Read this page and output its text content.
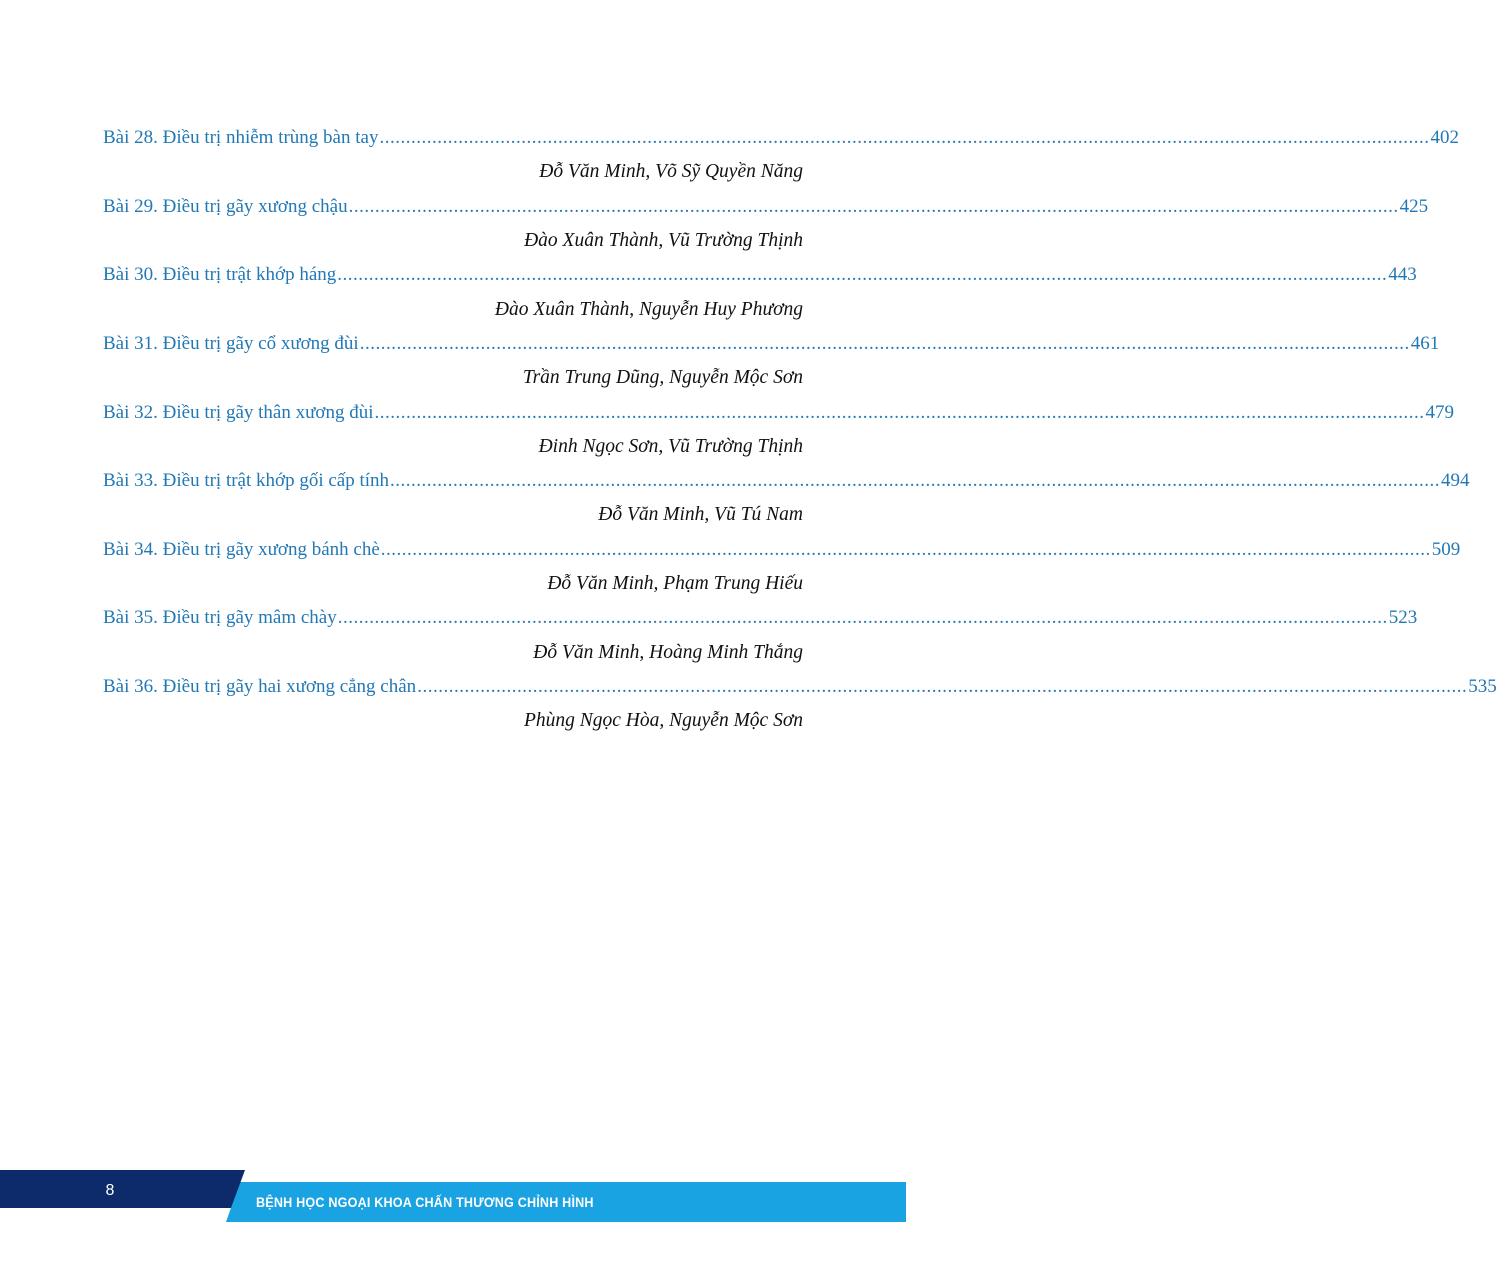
Bài 28. Điều trị nhiễm trùng bàn tay ........................................................................................................................................................................................................ 402
Đỗ Văn Minh, Võ Sỹ Quyền Năng
Bài 29. Điều trị gãy xương chậu ........................................................................................................................................................................................................ 425
Đào Xuân Thành, Vũ Trường Thịnh
Bài 30. Điều trị trật khớp háng ........................................................................................................................................................................................................ 443
Đào Xuân Thành, Nguyễn Huy Phương
Bài 31. Điều trị gãy cổ xương đùi ........................................................................................................................................................................................................ 461
Trần Trung Dũng, Nguyễn Mộc Sơn
Bài 32. Điều trị gãy thân xương đùi ........................................................................................................................................................................................................ 479
Đinh Ngọc Sơn, Vũ Trường Thịnh
Bài 33. Điều trị trật khớp gối cấp tính ........................................................................................................................................................................................................ 494
Đỗ Văn Minh, Vũ Tú Nam
Bài 34. Điều trị gãy xương bánh chè ........................................................................................................................................................................................................ 509
Đỗ Văn Minh, Phạm Trung Hiếu
Bài 35. Điều trị gãy mâm chày ........................................................................................................................................................................................................ 523
Đỗ Văn Minh, Hoàng Minh Thắng
Bài 36. Điều trị gãy hai xương cẳng chân ........................................................................................................................................................................................................ 535
Phùng Ngọc Hòa, Nguyễn Mộc Sơn
8
BỆNH HỌC NGOẠI KHOA CHẤN THƯƠNG CHỈNH HÌNH
